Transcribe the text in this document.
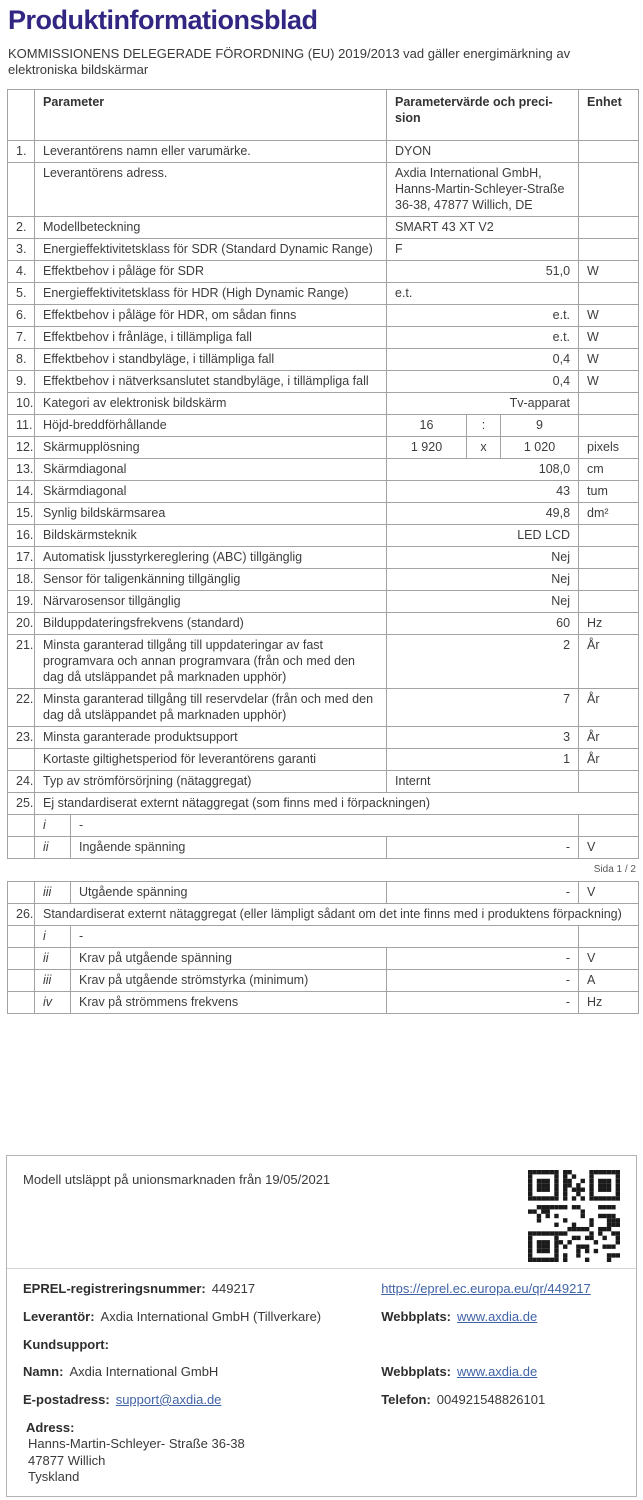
Produktinformationsblad

KOMMISSIONENS DELEGERADE FÖRORDNING (EU) 2019/2013 vad gäller energimärkning av elektroniska bildskärmar

	Parameter		Parametervärde och preci-sion			Enhet
1.	Leverantörens namn eller varumärke.		DYON			
	Leverantörens adress.		Axdia International GmbH, Hanns-Martin-Schleyer-Straße 36-38, 47877 Willich, DE			
2.	Modellbeteckning		SMART 43 XT V2			
3.	Energieffektivitetsklass för SDR (Standard Dynamic Range)		F			
4.	Effektbehov i påläge för SDR		51,0			W
5.	Energieffektivitetsklass för HDR (High Dynamic Range)		e.t.			
6.	Effektbehov i påläge för HDR, om sådan finns		e.t.			W
7.	Effektbehov i frånläge, i tillämpliga fall		e.t.			W
8.	Effektbehov i standbyläge, i tillämpliga fall		0,4			W
9.	Effektbehov i nätverksanslutet standbyläge, i tillämpliga fall		0,4			W
10.	Kategori av elektronisk bildskärm		Tv-apparat			
11.	Höjd-breddförhållande		16	:	9	
12.	Skärmupplösning		1 920	x	1 020	pixels
13.	Skärmdiagonal		108,0			cm
14.	Skärmdiagonal		43			tum
15.	Synlig bildskärmsarea		49,8			dm²
16.	Bildskärmsteknik		LED LCD			
17.	Automatisk ljusstyrkereglering (ABC) tillgänglig		Nej			
18.	Sensor för taligenkänning tillgänglig		Nej			
19.	Närvarosensor tillgänglig		Nej			
20.	Bilduppdateringsfrekvens (standard)		60			Hz
21.	Minsta garanterad tillgång till uppdateringar av fast programvara och annan programvara (från och med den dag då utsläppandet på marknaden upphör)		2			År
22.	Minsta garanterad tillgång till reservdelar (från och med den dag då utsläppandet på marknaden upphör)		7			År
23.	Minsta garanterade produktsupport		3			År
	Kortaste giltighetsperiod för leverantörens garanti		1			År
24.	Typ av strömförsörjning (nätaggregat)		Internt			
25.	Ej standardiserat externt nätaggregat (som finns med i förpackningen)					
	i	-				
	ii	Ingående spänning	-			V
Sida 1 / 2
	iii	Utgående spänning	-	V
26.	Standardiserat externt nätaggregat (eller lämpligt sådant om det inte finns med i produktens förpackning)			
	i	-		
	ii	Krav på utgående spänning	-	V
	iii	Krav på utgående strömstyrka (minimum)	-	A
	iv	Krav på strömmens frekvens	-	Hz
Modell utsläppt på unionsmarknaden från 19/05/2021
EPREL-registreringsnummer: 449217	https://eprel.ec.europa.eu/qr/449217
Leverantör: Axdia International GmbH (Tillverkare)	Webbplats: www.axdia.de
Kundsupport:
Namn: Axdia International GmbH	Webbplats: www.axdia.de
E-postadress: support@axdia.de	Telefon: 004921548826101
Adress:
Hanns-Martin-Schleyer- Straße 36-38
47877 Willich
Tyskland
